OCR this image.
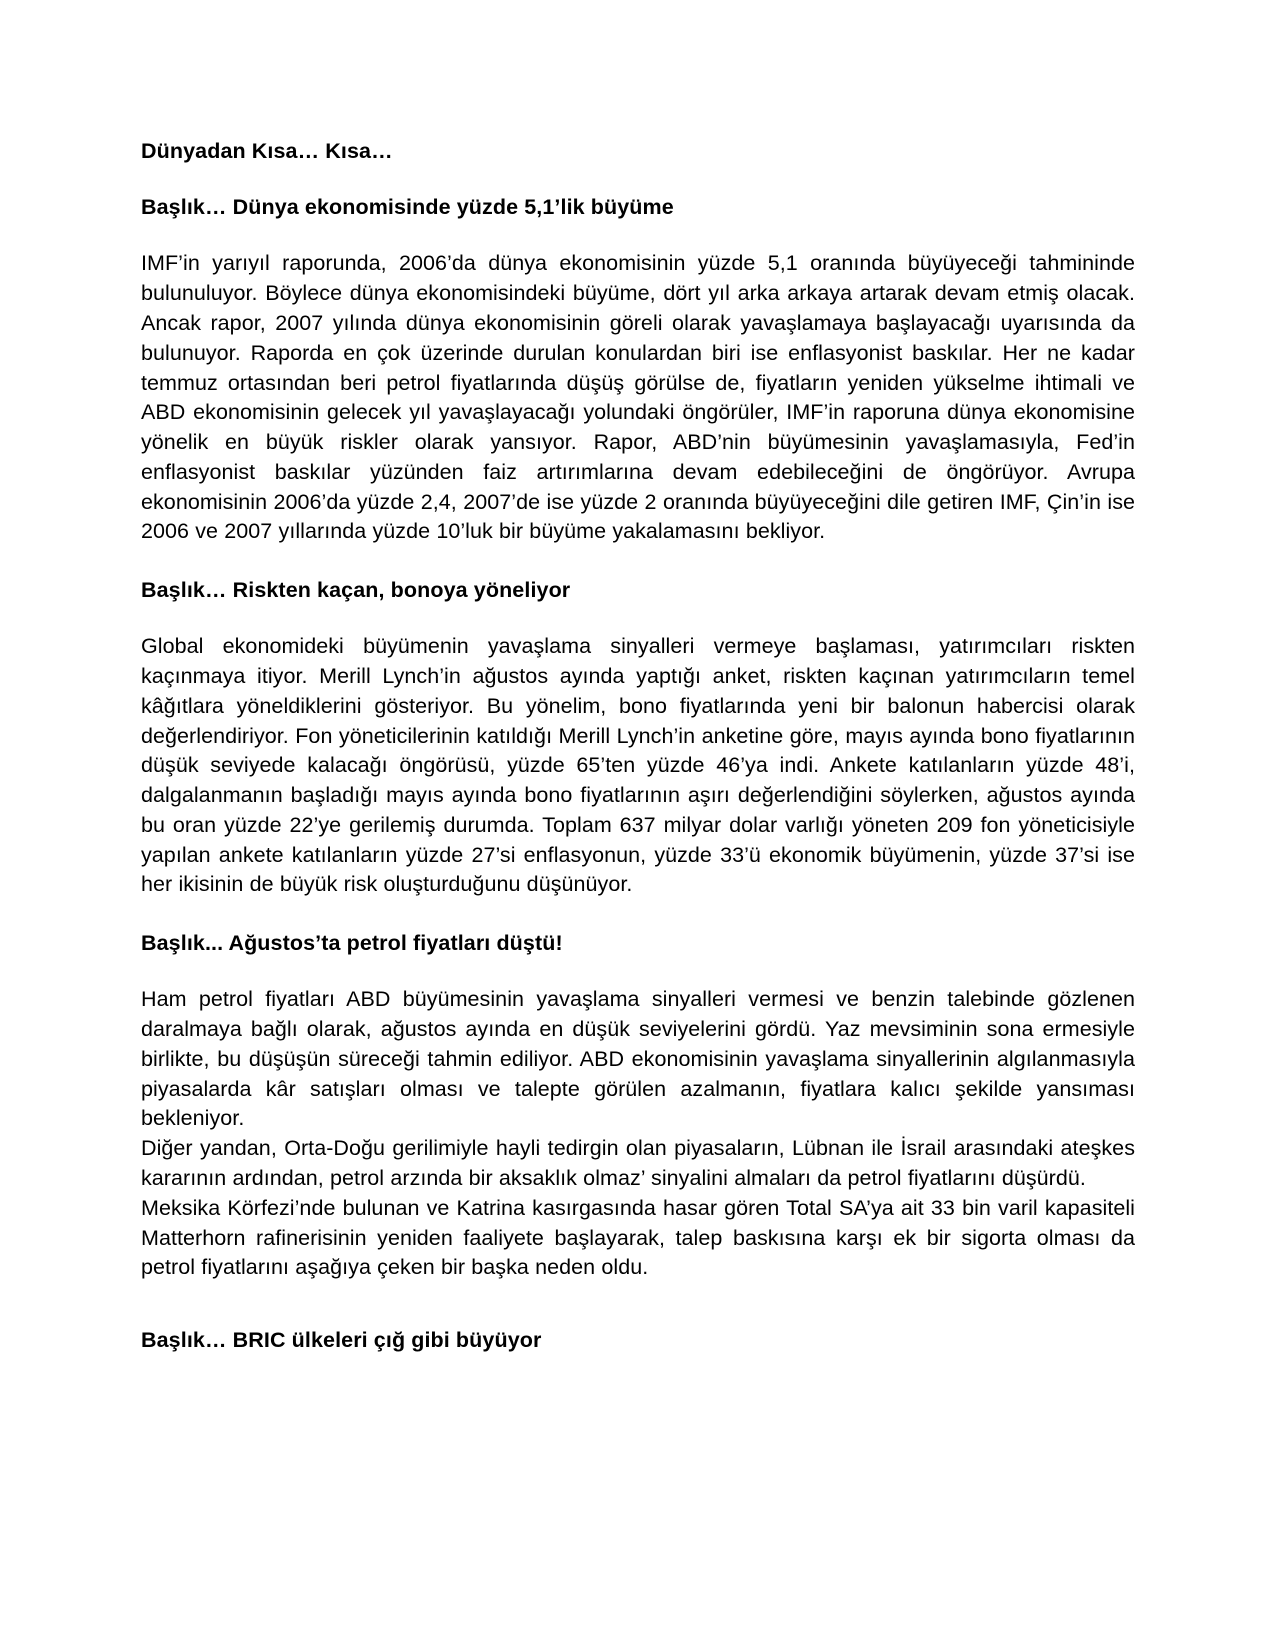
Dünyadan Kısa… Kısa…
Başlık… Dünya ekonomisinde yüzde 5,1’lik büyüme

IMF’in yarıyıl raporunda, 2006’da dünya ekonomisinin yüzde 5,1 oranında büyüyeceği tahmininde bulunuluyor. Böylece dünya ekonomisindeki büyüme, dört yıl arka arkaya artarak devam etmiş olacak. Ancak rapor, 2007 yılında dünya ekonomisinin göreli olarak yavaşlamaya başlayacağı uyarısında da bulunuyor. Raporda en çok üzerinde durulan konulardan biri ise enflasyonist baskılar. Her ne kadar temmuz ortasından beri petrol fiyatlarında düşüş görülse de, fiyatların yeniden yükselme ihtimali ve ABD ekonomisinin gelecek yıl yavaşlayacağı yolundaki öngörüler, IMF’in raporuna dünya ekonomisine yönelik en büyük riskler olarak yansıyor. Rapor, ABD’nin büyümesinin yavaşlamasıyla, Fed’in enflasyonist baskılar yüzünden faiz artırımlarına devam edebileceğini de öngörüyor. Avrupa ekonomisinin 2006’da yüzde 2,4, 2007’de ise yüzde 2 oranında büyüyeceğini dile getiren IMF, Çin’in ise 2006 ve 2007 yıllarında yüzde 10’luk bir büyüme yakalamasını bekliyor.

Başlık… Riskten kaçan, bonoya yöneliyor

Global ekonomideki büyümenin yavaşlama sinyalleri vermeye başlaması, yatırımcıları riskten kaçınmaya itiyor. Merill Lynch’in ağustos ayında yaptığı anket, riskten kaçınan yatırımcıların temel kâğıtlara yöneldiklerini gösteriyor. Bu yönelim, bono fiyatlarında yeni bir balonun habercisi olarak değerlendiriyor. Fon yöneticilerinin katıldığı Merill Lynch’in anketine göre, mayıs ayında bono fiyatlarının düşük seviyede kalacağı öngörüsü, yüzde 65’ten yüzde 46’ya indi. Ankete katılanların yüzde 48’i, dalgalanmanın başladığı mayıs ayında bono fiyatlarının aşırı değerlendiğini söylerken, ağustos ayında bu oran yüzde 22’ye gerilemiş durumda. Toplam 637 milyar dolar varlığı yöneten 209 fon yöneticisiyle yapılan ankete katılanların yüzde 27’si enflasyonun, yüzde 33’ü ekonomik büyümenin, yüzde 37’si ise her ikisinin de büyük risk oluşturduğunu düşünüyor.

Başlık... Ağustos’ta petrol fiyatları düştü!

Ham petrol fiyatları ABD büyümesinin yavaşlama sinyalleri vermesi ve benzin talebinde gözlenen daralmaya bağlı olarak, ağustos ayında en düşük seviyelerini gördü. Yaz mevsiminin sona ermesiyle birlikte, bu düşüşün süreceği tahmin ediliyor. ABD ekonomisinin yavaşlama sinyallerinin algılanmasıyla piyasalarda kâr satışları olması ve talepte görülen azalmanın, fiyatlara kalıcı şekilde yansıması bekleniyor.

Diğer yandan, Orta-Doğu gerilimiyle hayli tedirgin olan piyasaların, Lübnan ile İsrail arasındaki ateşkes kararının ardından, petrol arzında bir aksaklık olmaz’ sinyalini almaları da petrol fiyatlarını düşürdü.

Meksika Körfezi’nde bulunan ve Katrina kasırgasında hasar gören Total SA’ya ait 33 bin varil kapasiteli Matterhorn rafinerisinin yeniden faaliyete başlayarak, talep baskısına karşı ek bir sigorta olması da petrol fiyatlarını aşağıya çeken bir başka neden oldu.

Başlık… BRIC ülkeleri çığ gibi büyüyor
